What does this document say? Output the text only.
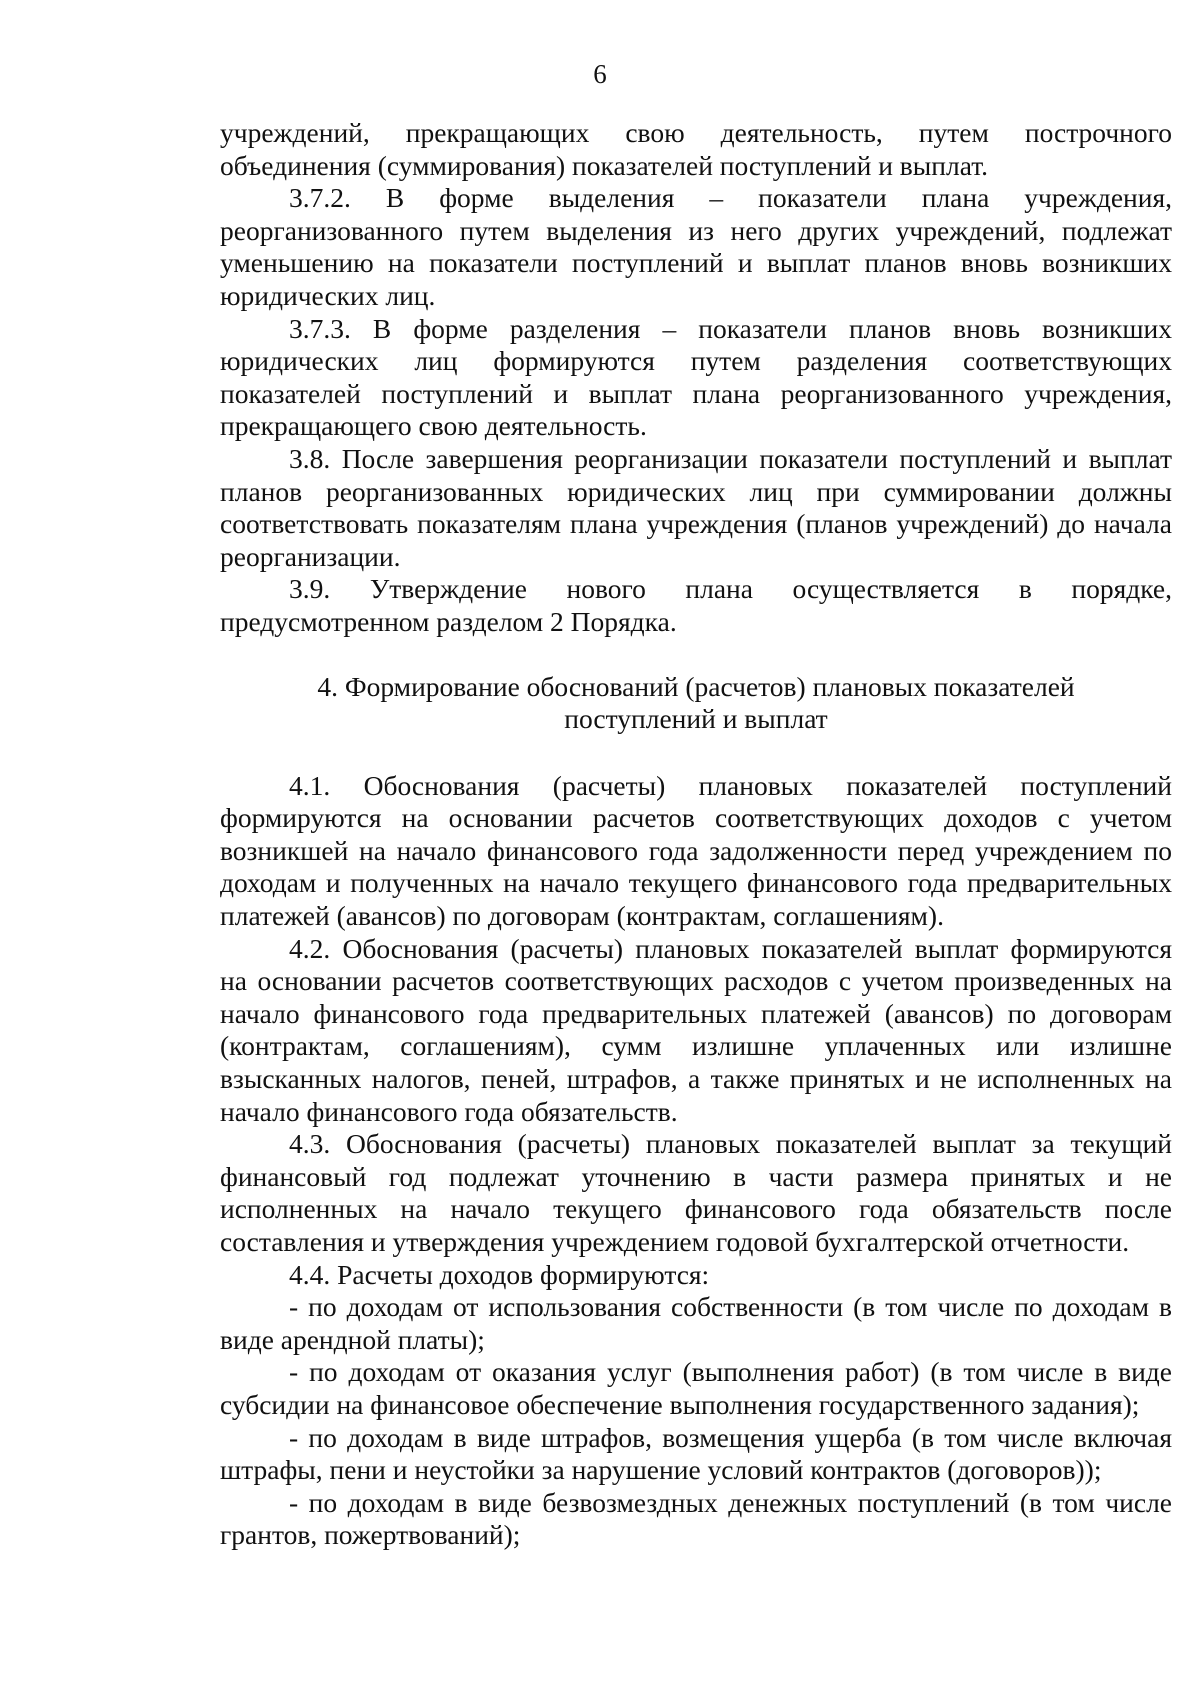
6

учреждений, прекращающих свою деятельность, путем построчного объединения (суммирования) показателей поступлений и выплат.

3.7.2. В форме выделения – показатели плана учреждения, реорганизованного путем выделения из него других учреждений, подлежат уменьшению на показатели поступлений и выплат планов вновь возникших юридических лиц.

3.7.3. В форме разделения – показатели планов вновь возникших юридических лиц формируются путем разделения соответствующих показателей поступлений и выплат плана реорганизованного учреждения, прекращающего свою деятельность.

3.8. После завершения реорганизации показатели поступлений и выплат планов реорганизованных юридических лиц при суммировании должны соответствовать показателям плана учреждения (планов учреждений) до начала реорганизации.

3.9. Утверждение нового плана осуществляется в порядке, предусмотренном разделом 2 Порядка.

4. Формирование обоснований (расчетов) плановых показателей
поступлений и выплат

4.1. Обоснования (расчеты) плановых показателей поступлений формируются на основании расчетов соответствующих доходов с учетом возникшей на начало финансового года задолженности перед учреждением по доходам и полученных на начало текущего финансового года предварительных платежей (авансов) по договорам (контрактам, соглашениям).

4.2. Обоснования (расчеты) плановых показателей выплат формируются на основании расчетов соответствующих расходов с учетом произведенных на начало финансового года предварительных платежей (авансов) по договорам (контрактам, соглашениям), сумм излишне уплаченных или излишне взысканных налогов, пеней, штрафов, а также принятых и не исполненных на начало финансового года обязательств.

4.3. Обоснования (расчеты) плановых показателей выплат за текущий финансовый год подлежат уточнению в части размера принятых и не исполненных на начало текущего финансового года обязательств после составления и утверждения учреждением годовой бухгалтерской отчетности.

4.4. Расчеты доходов формируются:

- по доходам от использования собственности (в том числе по доходам в виде арендной платы);

- по доходам от оказания услуг (выполнения работ) (в том числе в виде субсидии на финансовое обеспечение выполнения государственного задания);

- по доходам в виде штрафов, возмещения ущерба (в том числе включая штрафы, пени и неустойки за нарушение условий контрактов (договоров));

- по доходам в виде безвозмездных денежных поступлений (в том числе грантов, пожертвований);
